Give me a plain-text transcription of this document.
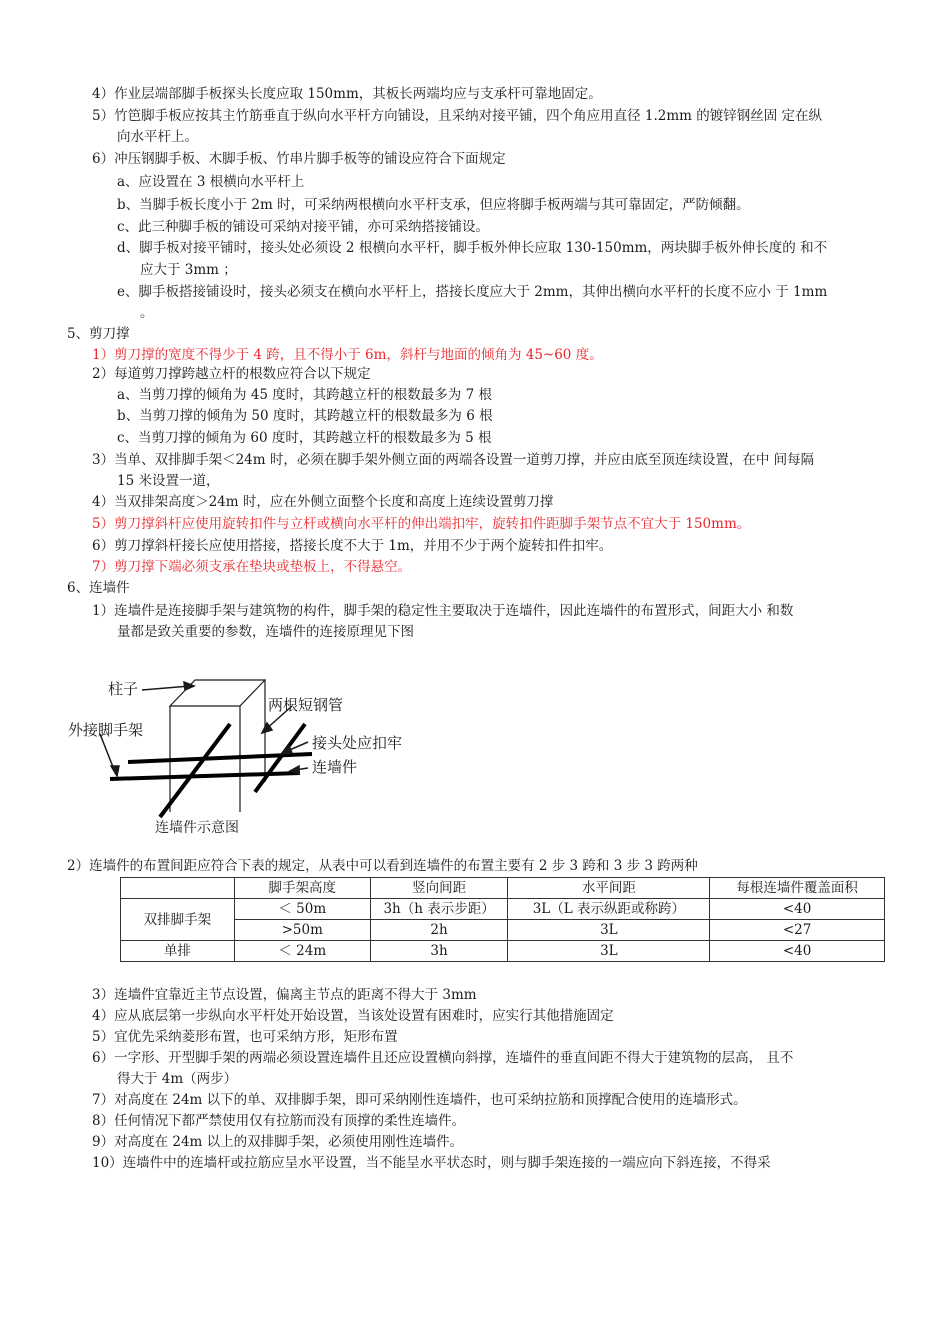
4）作业层端部脚手板探头长度应取 150mm，其板长两端均应与支承杆可靠地固定。
5）竹笆脚手板应按其主竹筋垂直于纵向水平杆方向铺设，且采纳对接平铺，四个角应用直径 1.2mm 的镀锌钢丝固 定在纵
向水平杆上。
6）冲压钢脚手板、木脚手板、竹串片脚手板等的铺设应符合下面规定
a、应设置在 3 根横向水平杆上
b、当脚手板长度小于 2m 时，可采纳两根横向水平杆支承，但应将脚手板两端与其可靠固定，严防倾翻。
c、此三种脚手板的铺设可采纳对接平铺，亦可采纳搭接铺设。
d、脚手板对接平铺时，接头处必须设 2 根横向水平杆，脚手板外伸长应取 130-150mm，两块脚手板外伸长度的 和不
应大于 3mm ；
e、脚手板搭接铺设时，接头必须支在横向水平杆上，搭接长度应大于 2mm，其伸出横向水平杆的长度不应小 于 1mm
。
5、剪刀撑
1）剪刀撑的宽度不得少于 4 跨，且不得小于 6m，斜杆与地面的倾角为 45~60 度。
2）每道剪刀撑跨越立杆的根数应符合以下规定
a、当剪刀撑的倾角为 45 度时，其跨越立杆的根数最多为 7 根
b、当剪刀撑的倾角为 50 度时，其跨越立杆的根数最多为 6 根
c、当剪刀撑的倾角为 60 度时，其跨越立杆的根数最多为 5 根
3）当单、双排脚手架＜24m 时，必须在脚手架外侧立面的两端各设置一道剪刀撑，并应由底至顶连续设置，在中 间每隔
15 米设置一道，
4）当双排架高度＞24m 时，应在外侧立面整个长度和高度上连续设置剪刀撑
5）剪刀撑斜杆应使用旋转扣件与立杆或横向水平杆的伸出端扣牢，旋转扣件距脚手架节点不宜大于 150mm。
6）剪刀撑斜杆接长应使用搭接，搭接长度不大于 1m，并用不少于两个旋转扣件扣牢。
7）剪刀撑下端必须支承在垫块或垫板上，不得悬空。
6、连墙件
1）连墙件是连接脚手架与建筑物的构件，脚手架的稳定性主要取决于连墙件，因此连墙件的布置形式，间距大小 和数
量都是致关重要的参数，连墙件的连接原理见下图
柱子
外接脚手架
两根短钢管
接头处应扣牢
连墙件
连墙件示意图
2）连墙件的布置间距应符合下表的规定，从表中可以看到连墙件的布置主要有 2 步 3 跨和 3 步 3 跨两种
	脚手架高度	竖向间距	水平间距	每根连墙件覆盖面积
双排脚手架	＜ 50m	3h（h 表示步距）	3L（L 表示纵距或称跨）	<40
	>50m	2h	3L	<27
单排	＜ 24m	3h	3L	<40
3）连墙件宜靠近主节点设置，偏离主节点的距离不得大于 3mm
4）应从底层第一步纵向水平杆处开始设置，当该处设置有困难时，应实行其他措施固定
5）宜优先采纳菱形布置，也可采纳方形，矩形布置
6）一字形、开型脚手架的两端必须设置连墙件且还应设置横向斜撑，连墙件的垂直间距不得大于建筑物的层高， 且不
得大于 4m（两步）
7）对高度在 24m 以下的单、双排脚手架，即可采纳刚性连墙件，也可采纳拉筋和顶撑配合使用的连墙形式。
8）任何情况下都严禁使用仅有拉筋而没有顶撑的柔性连墙件。
9）对高度在 24m 以上的双排脚手架，必须使用刚性连墙件。
10）连墙件中的连墙杆或拉筋应呈水平设置，当不能呈水平状态时，则与脚手架连接的一端应向下斜连接，不得采
